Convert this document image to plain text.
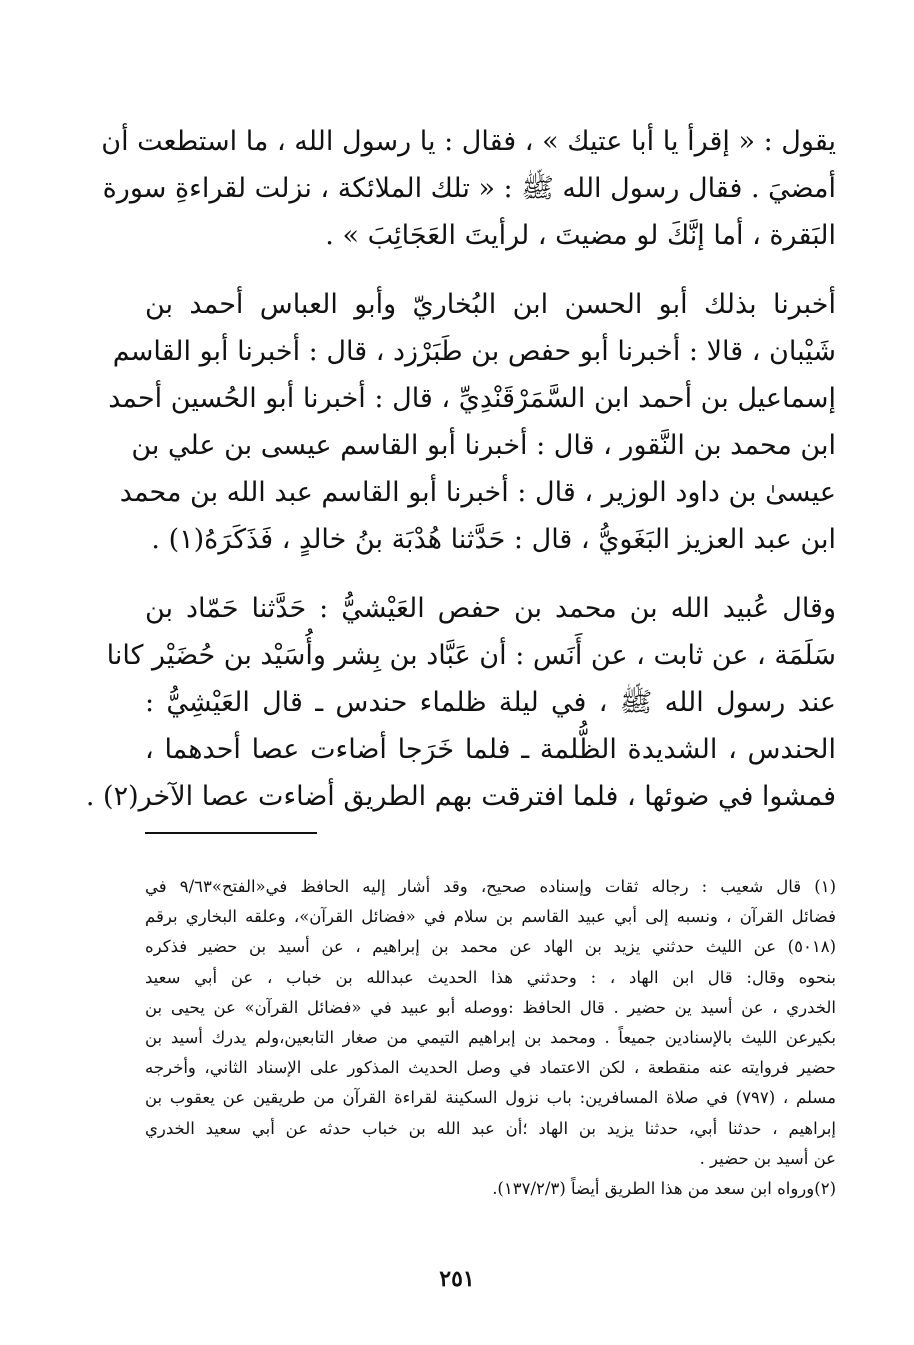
يقول : « إقرأ يا أبا عتيك » ، فقال : يا رسول الله ، ما استطعت أن
أمضيَ . فقال رسول الله ﷺ : « تلك الملائكة ، نزلت لقراءةِ سورة
البَقرة ، أما إنَّكَ لو مضيتَ ، لرأيتَ العَجَائِبَ » .
أخبرنا بذلك أبو الحسن ابن البُخاريّ وأبو العباس أحمد بن
شَيْبان ، قالا : أخبرنا أبو حفص بن طَبَرْزد ، قال : أخبرنا أبو القاسم
إسماعيل بن أحمد ابن السَّمَرْقَنْدِيِّ ، قال : أخبرنا أبو الحُسين أحمد
ابن محمد بن النَّقور ، قال : أخبرنا أبو القاسم عيسى بن علي بن
عيسىٰ بن داود الوزير ، قال : أخبرنا أبو القاسم عبد الله بن محمد
ابن عبد العزيز البَغَويُّ ، قال : حَدَّثنا هُدْبَة بنُ خالدٍ ، فَذَكَرَهُ(١) .
وقال عُبيد الله بن محمد بن حفص العَيْشيُّ : حَدَّثنا حَمّاد بن
سَلَمَة ، عن ثابت ، عن أَنَس : أن عَبَّاد بن بِشر وأُسَيْد بن حُضَيْر كانا
عند رسول الله ﷺ ، في ليلة ظلماء حندس ـ قال العَيْشِيُّ :
الحندس ، الشديدة الظُّلمة ـ فلما خَرَجا أضاءت عصا أحدهما ،
فمشوا في ضوئها ، فلما افترقت بهم الطريق أضاءت عصا الآخر(٢) .
(١) قال شعيب : رجاله ثقات وإسناده صحيح، وقد أشار إليه الحافظ في«الفتح»٩/٦٣ في
فضائل القرآن ، ونسبه إلى أبي عبيد القاسم بن سلام في «فضائل القرآن»، وعلقه البخاري برقم
(٥٠١٨) عن الليث حدثني يزيد بن الهاد عن محمد بن إبراهيم ، عن أسيد بن حضير فذكره
بنحوه وقال: قال ابن الهاد ، : وحدثني هذا الحديث عبدالله بن خباب ، عن أبي سعيد
الخدري ، عن أسيد ين حضير . قال الحافظ :ووصله أبو عبيد في «فضائل القرآن» عن يحيى بن
بكيرعن الليث بالإسنادين جميعاً . ومحمد بن إبراهيم التيمي من صغار التابعين،ولم يدرك أسيد بن
حضير فروايته عنه منقطعة ، لكن الاعتماد في وصل الحديث المذكور على الإسناد الثاني، وأخرجه
مسلم ، (٧٩٧) في صلاة المسافرين: باب نزول السكينة لقراءة القرآن من طريقين عن يعقوب بن
إبراهيم ، حدثنا أبي، حدثنا يزيد بن الهاد ؛أن عبد الله بن خباب حدثه عن أبي سعيد الخدري
عن أسيد بن حضير .
(٢)ورواه ابن سعد من هذا الطريق أيضاً (١٣٧/٢/٣).
٢٥١
